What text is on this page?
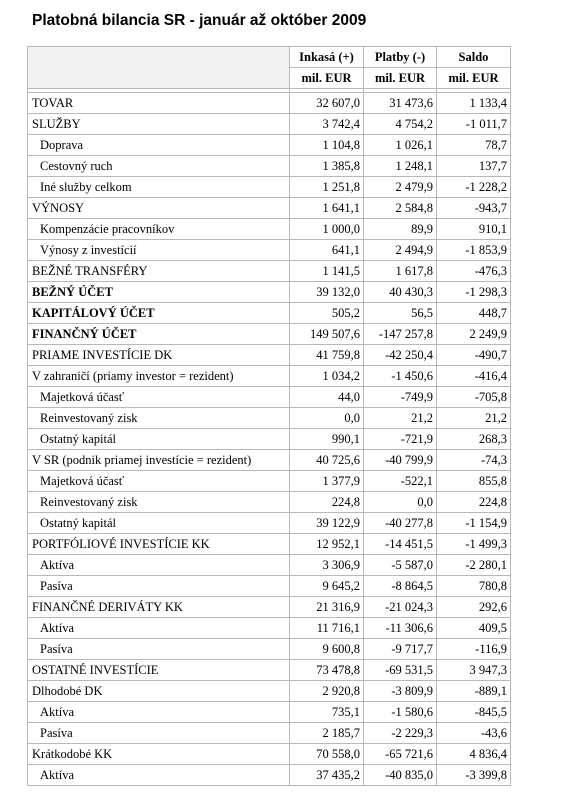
Platobná bilancia SR - január až október 2009
	Inkasá (+)	Platby (-)	Saldo
	mil. EUR	mil. EUR	mil. EUR

TOVAR	32 607,0	31 473,6	1 133,4
SLUŽBY	3 742,4	4 754,2	-1 011,7
Doprava	1 104,8	1 026,1	78,7
Cestovný ruch	1 385,8	1 248,1	137,7
Iné služby celkom	1 251,8	2 479,9	-1 228,2
VÝNOSY	1 641,1	2 584,8	-943,7
Kompenzácie pracovníkov	1 000,0	89,9	910,1
Výnosy z investícií	641,1	2 494,9	-1 853,9
BEŽNÉ TRANSFÉRY	1 141,5	1 617,8	-476,3
BEŽNÝ ÚČET	39 132,0	40 430,3	-1 298,3
KAPITÁLOVÝ ÚČET	505,2	56,5	448,7
FINANČNÝ ÚČET	149 507,6	-147 257,8	2 249,9
PRIAME INVESTÍCIE DK	41 759,8	-42 250,4	-490,7
V zahraničí (priamy investor = rezident)	1 034,2	-1 450,6	-416,4
Majetková účasť	44,0	-749,9	-705,8
Reinvestovaný zisk	0,0	21,2	21,2
Ostatný kapitál	990,1	-721,9	268,3
V SR (podnik priamej investície = rezident)	40 725,6	-40 799,9	-74,3
Majetková účasť	1 377,9	-522,1	855,8
Reinvestovaný zisk	224,8	0,0	224,8
Ostatný kapitál	39 122,9	-40 277,8	-1 154,9
PORTFÓLIOVÉ INVESTÍCIE KK	12 952,1	-14 451,5	-1 499,3
Aktíva	3 306,9	-5 587,0	-2 280,1
Pasíva	9 645,2	-8 864,5	780,8
FINANČNÉ DERIVÁTY KK	21 316,9	-21 024,3	292,6
Aktíva	11 716,1	-11 306,6	409,5
Pasíva	9 600,8	-9 717,7	-116,9
OSTATNÉ INVESTÍCIE	73 478,8	-69 531,5	3 947,3
Dlhodobé DK	2 920,8	-3 809,9	-889,1
Aktíva	735,1	-1 580,6	-845,5
Pasíva	2 185,7	-2 229,3	-43,6
Krátkodobé KK	70 558,0	-65 721,6	4 836,4
Aktíva	37 435,2	-40 835,0	-3 399,8
